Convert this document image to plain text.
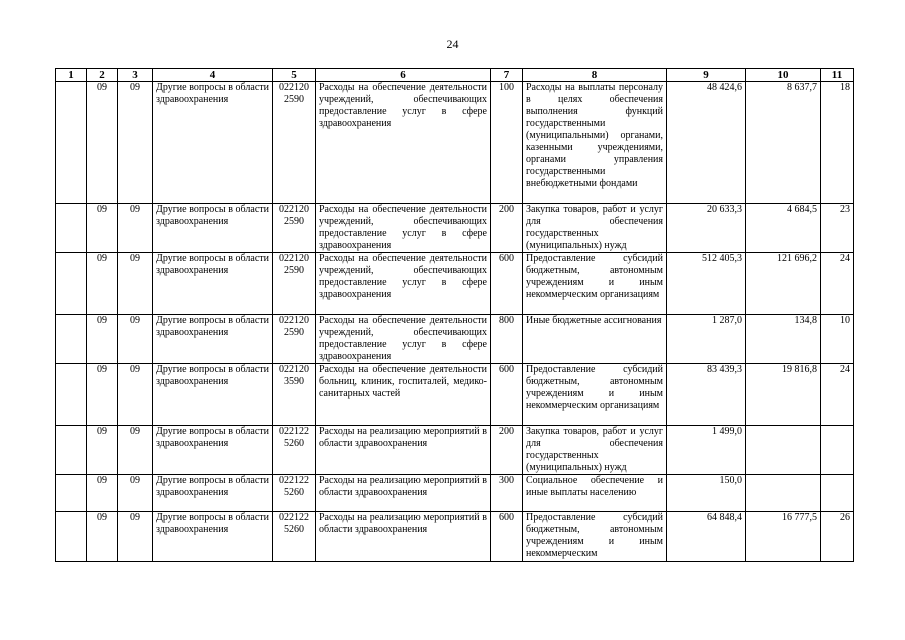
24
1	2	3	4	5	6	7	8	9	10	11
	09	09	Другие вопросы в области здравоохранения	022120 2590	Расходы на обеспечение деятельности учреждений, обеспечивающих предоставление услуг в сфере здравоохранения	100	Расходы на выплаты персоналу в целях обеспечения выполнения функций государственными (муниципальными) органами, казенными учреждениями, органами управления государственными внебюджетными фондами	48 424,6	8 637,7	18
	09	09	Другие вопросы в области здравоохранения	022120 2590	Расходы на обеспечение деятельности учреждений, обеспечивающих предоставление услуг в сфере здравоохранения	200	Закупка товаров, работ и услуг для обеспечения государственных (муниципальных) нужд	20 633,3	4 684,5	23
	09	09	Другие вопросы в области здравоохранения	022120 2590	Расходы на обеспечение деятельности учреждений, обеспечивающих предоставление услуг в сфере здравоохранения	600	Предоставление субсидий бюджетным, автономным учреждениям и иным некоммерческим организациям	512 405,3	121 696,2	24
	09	09	Другие вопросы в области здравоохранения	022120 2590	Расходы на обеспечение деятельности учреждений, обеспечивающих предоставление услуг в сфере здравоохранения	800	Иные бюджетные ассигнования	1 287,0	134,8	10
	09	09	Другие вопросы в области здравоохранения	022120 3590	Расходы на обеспечение деятельности больниц, клиник, госпиталей, медико-санитарных частей	600	Предоставление субсидий бюджетным, автономным учреждениям и иным некоммерческим организациям	83 439,3	19 816,8	24
	09	09	Другие вопросы в области здравоохранения	022122 5260	Расходы на реализацию мероприятий в области здравоохранения	200	Закупка товаров, работ и услуг для обеспечения государственных (муниципальных) нужд	1 499,0		
	09	09	Другие вопросы в области здравоохранения	022122 5260	Расходы на реализацию мероприятий в области здравоохранения	300	Социальное обеспечение и иные выплаты населению	150,0		
	09	09	Другие вопросы в области здравоохранения	022122 5260	Расходы на реализацию мероприятий в области здравоохранения	600	Предоставление субсидий бюджетным, автономным учреждениям и иным некоммерческим	64 848,4	16 777,5	26
